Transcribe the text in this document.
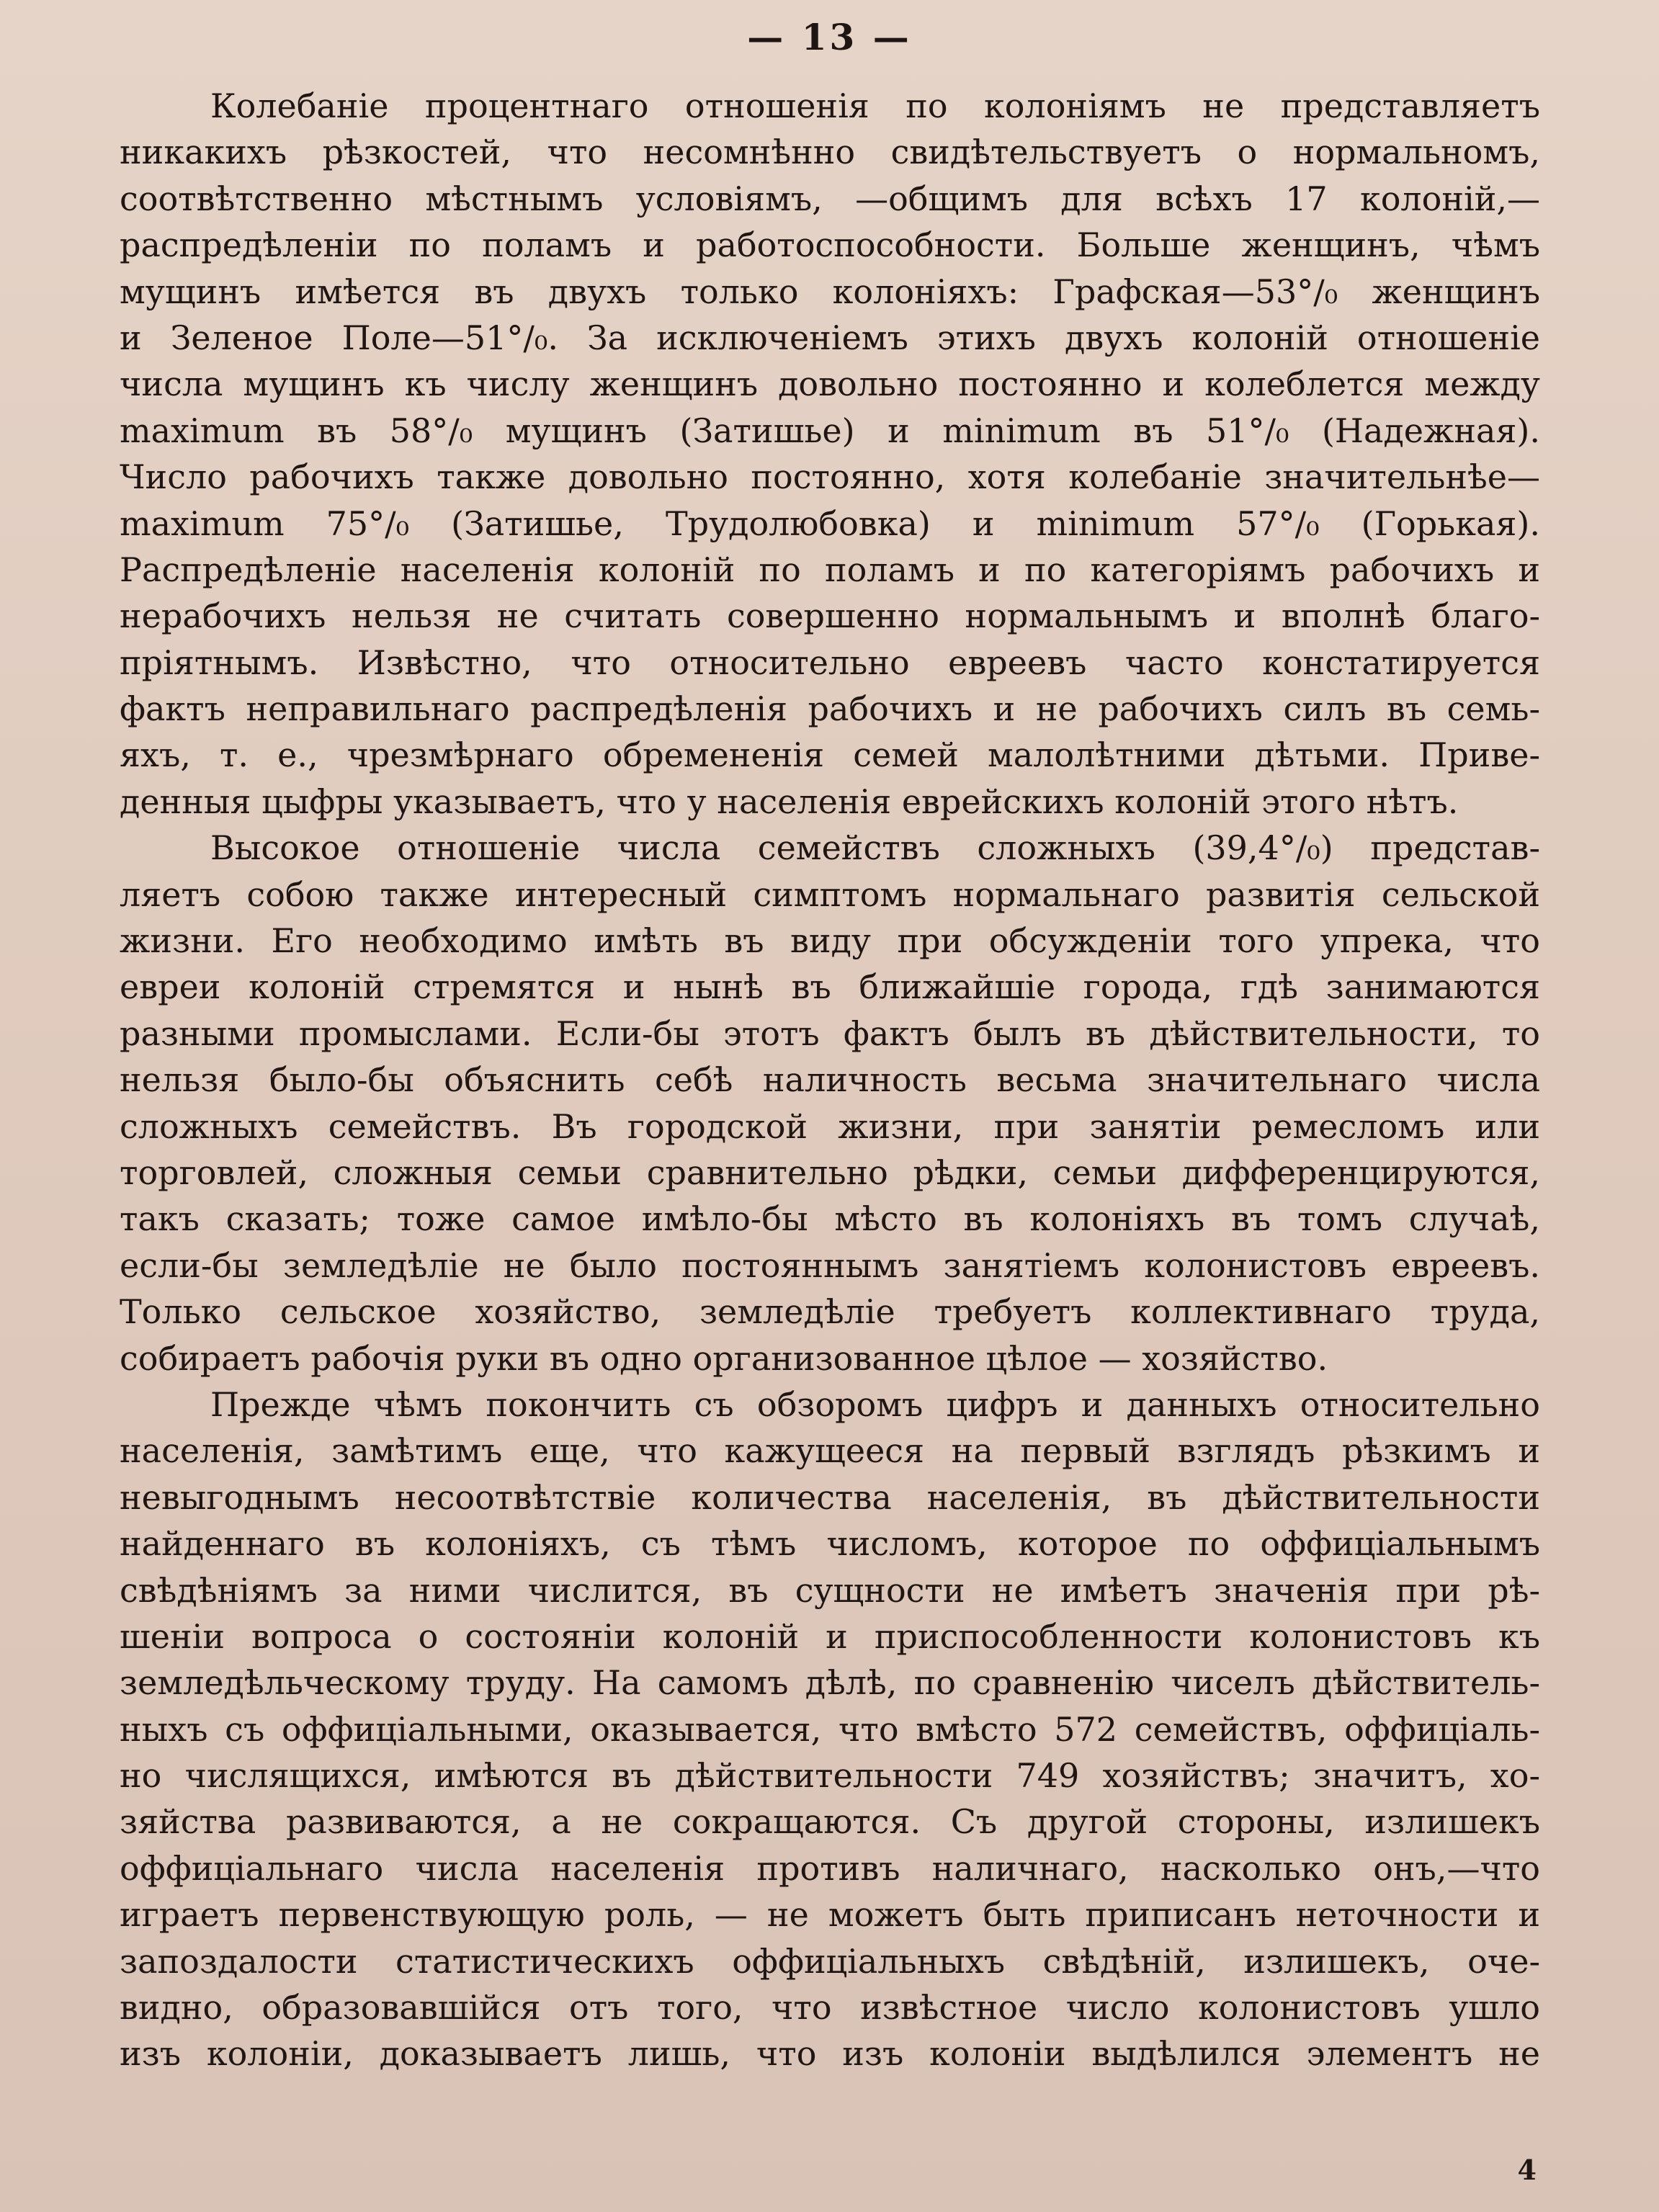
— 13 —
Колебаніе процентнаго отношенія по колоніямъ не представляетъ
никакихъ рѣзкостей, что несомнѣнно свидѣтельствуетъ о нормальномъ,
соотвѣтственно мѣстнымъ условіямъ, —общимъ для всѣхъ 17 колоній,—
распредѣленіи по поламъ и работоспособности. Больше женщинъ, чѣмъ
мущинъ имѣется въ двухъ только колоніяхъ: Графская—53°/₀ женщинъ
и Зеленое Поле—51°/₀. За исключеніемъ этихъ двухъ колоній отношеніе
числа мущинъ къ числу женщинъ довольно постоянно и колеблется между
maximum въ 58°/₀ мущинъ (Затишье) и minimum въ 51°/₀ (Надежная).
Число рабочихъ также довольно постоянно, хотя колебаніе значительнѣе—
maximum 75°/₀ (Затишье, Трудолюбовка) и minimum 57°/₀ (Горькая).
Распредѣленіе населенія колоній по поламъ и по категоріямъ рабочихъ и
нерабочихъ нельзя не считать совершенно нормальнымъ и вполнѣ благо-
пріятнымъ. Извѣстно, что относительно евреевъ часто констатируется
фактъ неправильнаго распредѣленія рабочихъ и не рабочихъ силъ въ семь-
яхъ, т. е., чрезмѣрнаго обремененія семей малолѣтними дѣтьми. Приве-
денныя цыфры указываетъ, что у населенія еврейскихъ колоній этого нѣтъ.
Высокое отношеніе числа семействъ сложныхъ (39,4°/₀) представ-
ляетъ собою также интересный симптомъ нормальнаго развитія сельской
жизни. Его необходимо имѣть въ виду при обсужденіи того упрека, что
евреи колоній стремятся и нынѣ въ ближайшіе города, гдѣ занимаются
разными промыслами. Если-бы этотъ фактъ былъ въ дѣйствительности, то
нельзя было-бы объяснить себѣ наличность весьма значительнаго числа
сложныхъ семействъ. Въ городской жизни, при занятіи ремесломъ или
торговлей, сложныя семьи сравнительно рѣдки, семьи дифференцируются,
такъ сказать; тоже самое имѣло-бы мѣсто въ колоніяхъ въ томъ случаѣ,
если-бы земледѣліе не было постояннымъ занятіемъ колонистовъ евреевъ.
Только сельское хозяйство, земледѣліе требуетъ коллективнаго труда,
собираетъ рабочія руки въ одно организованное цѣлое — хозяйство.
Прежде чѣмъ покончить съ обзоромъ цифръ и данныхъ относительно
населенія, замѣтимъ еще, что кажущееся на первый взглядъ рѣзкимъ и
невыгоднымъ несоотвѣтствіе количества населенія, въ дѣйствительности
найденнаго въ колоніяхъ, съ тѣмъ числомъ, которое по оффиціальнымъ
свѣдѣніямъ за ними числится, въ сущности не имѣетъ значенія при рѣ-
шеніи вопроса о состояніи колоній и приспособленности колонистовъ къ
земледѣльческому труду. На самомъ дѣлѣ, по сравненію чиселъ дѣйствитель-
ныхъ съ оффиціальными, оказывается, что вмѣсто 572 семействъ, оффиціаль-
но числящихся, имѣются въ дѣйствительности 749 хозяйствъ; значитъ, хо-
зяйства развиваются, а не сокращаются. Съ другой стороны, излишекъ
оффиціальнаго числа населенія противъ наличнаго, насколько онъ,—что
играетъ первенствующую роль, — не можетъ быть приписанъ неточности и
запоздалости статистическихъ оффиціальныхъ свѣдѣній, излишекъ, оче-
видно, образовавшійся отъ того, что извѣстное число колонистовъ ушло
изъ колоніи, доказываетъ лишь, что изъ колоніи выдѣлился элементъ не
4
